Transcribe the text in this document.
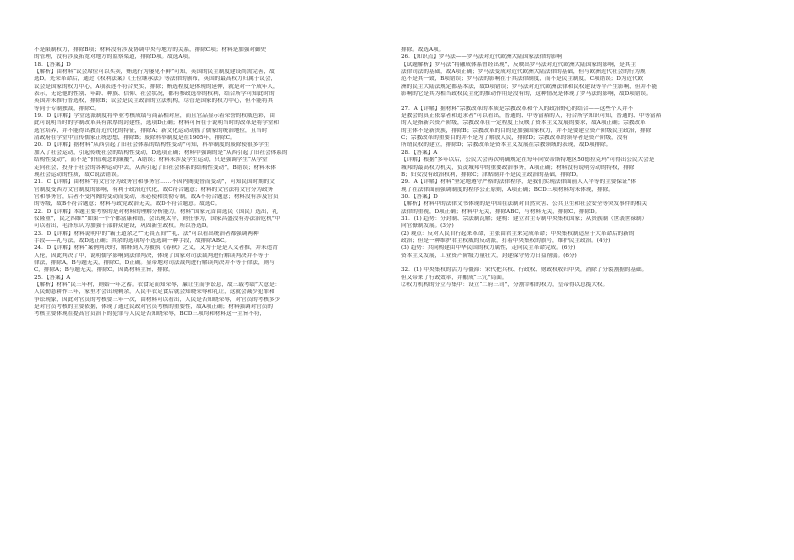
不是限制权力，排除B项；材料没有涉及协调中央与地方的关系，排除C项；材料是加强对御史
的管理，没有涉及拓宽对地方的监察渠道，排除D项。故选A项。
18．【答案】D
【解析】由材料“议会席位可以买卖，贿选行为屡见不鲜”可知，英国的民主制度建设尚需完善，故
选D。光荣革命后，通过《权利法案》《王位继承法》等法律的颁布，英国的最高权力归属于议会，
议会是国家的权力中心，A项表述不符合史实，排除；贿选程度是体现的延伸，就是对一个成年人，
表示，无论他的性别、年龄、种族、信仰、社会状况，都有参政选举的权利，结合所学可知此时的
英国并未推行普选权，排除B；议会是民主政治的立法机构，尽管是国家的权力中心，但不能将其
等同于专制独裁，排除C。
19．D【详解】学堂选派制度将毕业考核成绩与商品相对应，而且官品显示着荣誉的权威色彩，由
此可说明当时的学制改革具有浓厚的封建性，选项D正确；材料可旨在于说明当时的改革是将学堂和
选官培养，并不能得出教育近代化的特征，排除A；新文化运动动摇了儒家的统治地位，且当时
清政府在学堂中宣传儒家正统思想，排除B；废除科举制度是在1905年，排除C。
20．D【详解】据材料“从西引起了旧社会体系的结构性变动”可知，科举制度的废除使很多学生
加入了社会运动，引起传统社会的结构性变动，D选项正确；材料中强调的是“从西引起了旧社会体系的
结构性变动”，而不是“价值观念的颠覆”，A错误；材料未涉及学生运动，只是强调学生“从学堂
走向社会，投身于社会的各种运动中去，从西引起了旧社会体系的结构性变动”，B错误；材料未体
现社会运动的性质，故C说法错误。
21．C【详解】由材料“将文官分为政务官和事务官……不因内阁更替而变动”，可知民国时期的文
官制度受西方文官制度的影响，有利于政治近代化，故C符合题意；材料的文官法将文官分为政务
官和事务官，后者不受内阁的变动而变动，未必使和贯彻专制，故A不符合题意；材料没有涉及官员
的等级，故B不符合题意；材料与政党政治无关，故D不符合题意。故选C。
22．D【详解】本题主要考察的是对材料的理解分析能力。材料“国家元首由选民（国民）选出，礼
仪隆重”，民之四维”“如果一个个都富康和谐，会出现太平，则任事为，国家昌盛没有办法治危机”中
可以看出，毛泽东认为加强干部群众建设，巩固新生政权。所以答选D。
23．D【详解】材料说明中的“霸王道余之”“无畏五间”“礼、法”可以看出统治者都强调两种
手段——礼与法，故D选正确；其余的选项均不选选调一种手段，故排除ABC。
24．D【详解】材料“案例判决时，解释到人为被执《春秋》之义，又为于是是人义者推，并未违背
人伦，因此判决了甲，说明儒学影响到法律判决，体现了国家对司法裁判进行解读判决并不等于
律法，排除A，B与题无关，排除C，D正确。显带地对司法裁判进行解读判决并不等于律法，则与
C，排除A；B与题无关，排除C，因离材料主旨，排除。
25．【答案】A
【解析】材料“民三年村，则始一年之蓄。衣食足而知荣辱，廉让生而争讼息，故三载考绩”大意是：
人民勤恳耕作三年，家里才会出现剩余，人民丰衣足食后就会知晓荣辱和礼让，这就会减少犯罪和
争讼现象，因此对官员的考核要三年一次，由材料可以看出，人民是否知晓荣辱，对官员的考核多少
是对官员考核的主要依据，体现了通过民政对官员考核的重要性，故A项正确；材料强调对官员的
考核主要体现在提高官员治下的犯罪与人民是否知晓荣辱，BCD三项均和材料这一主旨不符，
排除。故选A项。
26．【知识点】罗马法——罗马法对近代欧洲大陆国家法律的影响
【试题解析】罗马法“将融成体系曾经出现”，反映出罗马法对近代欧洲大陆国家的影响，是其主
法律司法的基础，故A项正确；罗马法变成对近代欧洲大陆法律的基础，但与欧洲近代社会的行为规
范不是其一致，B项错误；罗马法的影响在于其法律制度，而不是民主制度，C项错误；D为近代欧
洲的民主大陆法规定都基本法，故D项错误；罗马法对近代欧洲法律和民权建设等平产生影响，但并不能
影响的它是其为相当政权民主化的推动作用是没有的，这种情况是体现了罗马法的影响，故D项错误。
27．A【详解】据材料“宗教改革的本质是宗教改革和个人的政治野心的结合——这些个人并不
是教会的真正依靠者和追求者”可以看出，普通的、中等富裕的人，符合所学知识可知，普通的、中等富裕
的人是指新兴资产阶级，宗教改革在一定程度上反映了资本主义发展的要求，故A项正确；宗教改革
的主体不是新贵族，排除B；宗教改革的目的是加强国家权力，并不是要建立资产阶级民主政治，排除
C；宗教改革的重要目的并不是为了解放人民，排除D；宗教改革的领导者是资产阶级，没有
所谓民权的建立，排除D；宗教改革是资本主义发展在宗教领域的表现，故D项排除。
28．【答案】A
【详解】根据“多年以后，公民大会再次明确规定在每年向安蒂斯特地区50德拉克玛”可得出公民大会是
城邦的最高权力机关，负责城邦中的重要政治事务，A项正确；材料没有说明劳动的特权，排除
B；妇女没有政治权利，排除C；津贴制并不是民主政治的基础，排除D。
29．A【详解】材料“坚定地遵守严格的法律程序，是我们实现法律面前人人平等的主要保证”体
现了在法律面前强调制度的程序公正原则，A项正确；BCD三项材料均未体现，排除。
30．【答案】D
【解析】材料中的法律文书体现的是中国在法制对自然灾害、公共卫生和社会安全等突发事件的相关
法律的重视，D项正确；材料中无关，排除ABC，与材料无关，排除C，排除D。
31．(1) 趋势：分封制、宗法制瓦解；建构：建立君主专制中央集权国家；从贵族制（世袭世禄制）
向官僚制发展。(3分)
(2) 观点：反对人民自行起来革命，主张由君主来完成革命；中央集权制适应于大革命后的新的
政治；但是一种维护君主权威的反动派，打着中央集权的旗号，维护民主政治。(4分)
(3) 趋势：共同构建由中华民国的权力属性，走向民主革命完成。(6分)
资本主义发展，工业资产阶级力量壮大，封建保守势力日益削弱。(6分)
32．(1) 中央集权的活力与僵滞：宋代把兵权、行政权、财政权收归中央，消除了分裂割据的基础。
但又带来了行政效率，并酿成“三冗”局面。
②权力机构的分立与集中：设立“二府三司”，分割宰相的权力，皇帝得以总揽大权。
